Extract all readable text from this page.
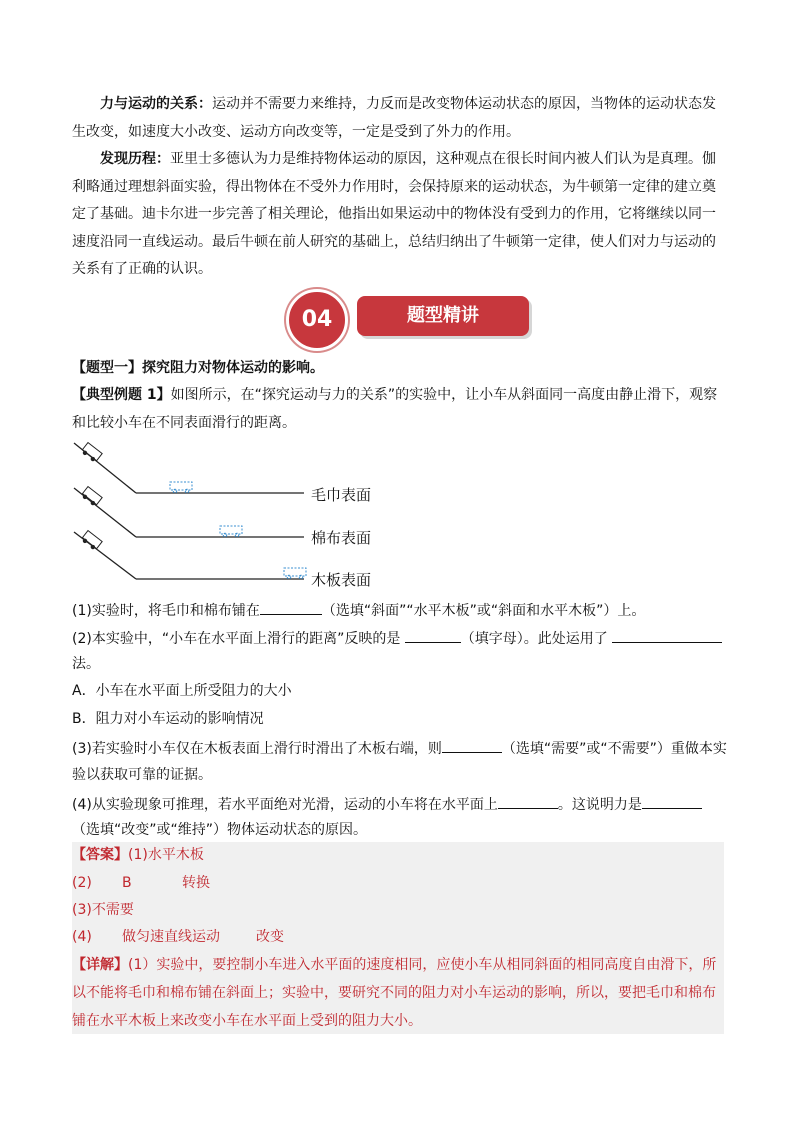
力与运动的关系：运动并不需要力来维持，力反而是改变物体运动状态的原因，当物体的运动状态发生改变，如速度大小改变、运动方向改变等，一定是受到了外力的作用。

发现历程：亚里士多德认为力是维持物体运动的原因，这种观点在很长时间内被人们认为是真理。伽利略通过理想斜面实验，得出物体在不受外力作用时，会保持原来的运动状态，为牛顿第一定律的建立奠定了基础。迪卡尔进一步完善了相关理论，他指出如果运动中的物体没有受到力的作用，它将继续以同一速度沿同一直线运动。最后牛顿在前人研究的基础上，总结归纳出了牛顿第一定律，使人们对力与运动的关系有了正确的认识。

04	题型精讲
【题型一】探究阻力对物体运动的影响。
【典型例题 1】如图所示，在“探究运动与力的关系”的实验中，让小车从斜面同一高度由静止滑下，观察
和比较小车在不同表面滑行的距离。
毛巾表面
棉布表面
木板表面
(1)实验时，将毛巾和棉布铺在	（选填“斜面”“水平木板”或“斜面和水平木板”）上。
(2)本实验中，“小车在水平面上滑行的距离”反映的是	（填字母）。此处运用了
法。
A．小车在水平面上所受阻力的大小
B．阻力对小车运动的影响情况
(3)若实验时小车仅在木板表面上滑行时滑出了木板右端，则	（选填“需要”或“不需要”）重做本实
验以获取可靠的证据。
(4)从实验现象可推理，若水平面绝对光滑，运动的小车将在水平面上	。这说明力是
（选填“改变”或“维持”）物体运动状态的原因。
【答案】(1)水平木板
(2) B	转换
(3)不需要
(4) 做匀速直线运动	改变
【详解】(1）实验中，要控制小车进入水平面的速度相同，应使小车从相同斜面的相同高度自由滑下，所
以不能将毛巾和棉布铺在斜面上；实验中，要研究不同的阻力对小车运动的影响，所以，要把毛巾和棉布
铺在水平木板上来改变小车在水平面上受到的阻力大小。
